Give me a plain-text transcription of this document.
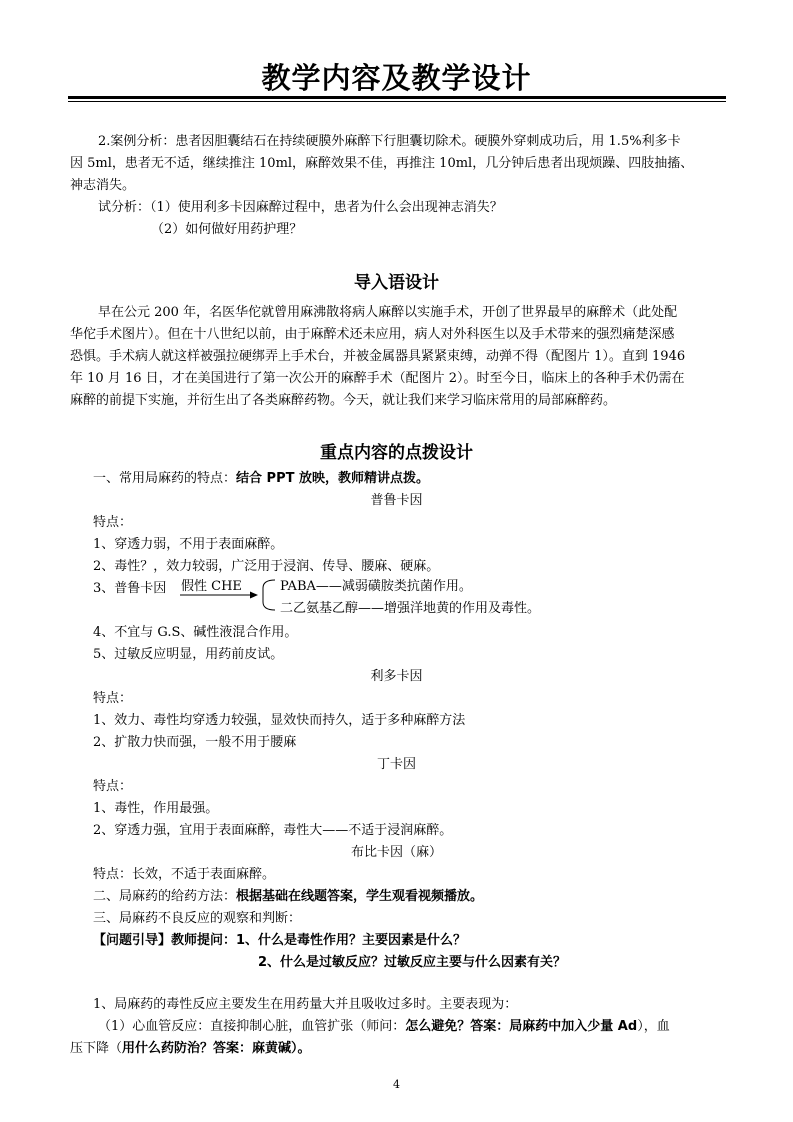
教学内容及教学设计
2.案例分析：患者因胆囊结石在持续硬膜外麻醉下行胆囊切除术。硬膜外穿刺成功后，用 1.5%利多卡
因 5ml，患者无不适，继续推注 10ml，麻醉效果不佳，再推注 10ml，几分钟后患者出现烦躁、四肢抽搐、
神志消失。
试分析：（1）使用利多卡因麻醉过程中，患者为什么会出现神志消失？
（2）如何做好用药护理？
导入语设计
早在公元 200 年，名医华佗就曾用麻沸散将病人麻醉以实施手术，开创了世界最早的麻醉术（此处配
华佗手术图片）。但在十八世纪以前，由于麻醉术还未应用，病人对外科医生以及手术带来的强烈痛楚深感
恐惧。手术病人就这样被强拉硬绑弄上手术台，并被金属器具紧紧束缚，动弹不得（配图片 1）。直到 1946
年 10 月 16 日，才在美国进行了第一次公开的麻醉手术（配图片 2）。时至今日，临床上的各种手术仍需在
麻醉的前提下实施，并衍生出了各类麻醉药物。今天，就让我们来学习临床常用的局部麻醉药。
重点内容的点拨设计
一、常用局麻药的特点：结合 PPT 放映，教师精讲点拨。
普鲁卡因
特点：
1、穿透力弱，不用于表面麻醉。
2、毒性？，效力较弱，广泛用于浸润、传导、腰麻、硬麻。
3、普鲁卡因 假性 CHE	PABA——减弱磺胺类抗菌作用。
二乙氨基乙醇——增强洋地黄的作用及毒性。
4、不宜与 G.S、碱性液混合作用。
5、过敏反应明显，用药前皮试。
利多卡因
特点：
1、效力、毒性均穿透力较强，显效快而持久，适于多种麻醉方法
2、扩散力快而强，一般不用于腰麻
丁卡因
特点：
1、毒性，作用最强。
2、穿透力强，宜用于表面麻醉，毒性大——不适于浸润麻醉。
布比卡因（麻）
特点：长效，不适于表面麻醉。
二、局麻药的给药方法：根据基础在线题答案，学生观看视频播放。
三、局麻药不良反应的观察和判断：
【问题引导】教师提问：1、什么是毒性作用？主要因素是什么？
2、什么是过敏反应？过敏反应主要与什么因素有关？
1、局麻药的毒性反应主要发生在用药量大并且吸收过多时。主要表现为：
（1）心血管反应：直接抑制心脏，血管扩张（师问：怎么避免？答案：局麻药中加入少量 Ad），血
压下降（用什么药防治？答案：麻黄碱）。
4
